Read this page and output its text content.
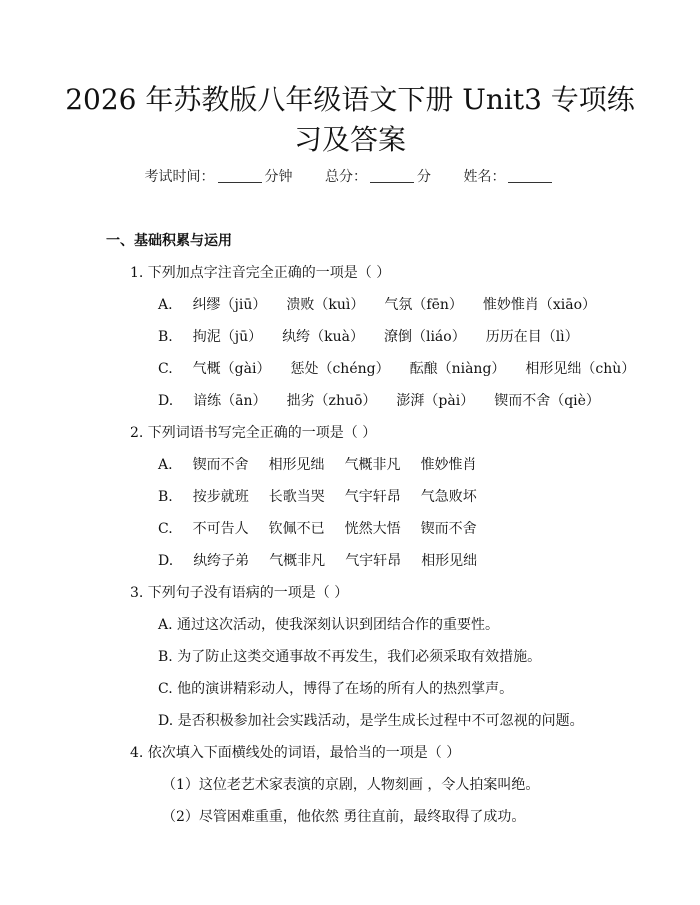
2026 年苏教版八年级语文下册 Unit3 专项练
习及答案
考试时间：	分钟 总分：	分 姓名：
一、基础积累与运用
1. 下列加点字注音完全正确的一项是（ ）
A. 纠缪（jiū） 溃败（kuì） 气氛（fēn） 惟妙惟肖（xiāo）
B. 拘泥（jū） 纨绔（kuà） 潦倒（liáo） 历历在目（lì）
C. 气概（gài） 惩处（chéng） 酝酿（niàng） 相形见绌（chù）
D. 谙练（ān） 拙劣（zhuō） 澎湃（pài） 锲而不舍（qiè）
2. 下列词语书写完全正确的一项是（ ）
A. 锲而不舍 相形见绌 气概非凡 惟妙惟肖
B. 按步就班 长歌当哭 气宇轩昂 气急败坏
C. 不可告人 钦佩不已 恍然大悟 锲而不舍
D. 纨绔子弟 气概非凡 气宇轩昂 相形见绌
3. 下列句子没有语病的一项是（ ）
A. 通过这次活动，使我深刻认识到团结合作的重要性。
B. 为了防止这类交通事故不再发生，我们必须采取有效措施。
C. 他的演讲精彩动人，博得了在场的所有人的热烈掌声。
D. 是否积极参加社会实践活动，是学生成长过程中不可忽视的问题。
4. 依次填入下面横线处的词语，最恰当的一项是（ ）
（1）这位老艺术家表演的京剧，人物刻画 ，令人拍案叫绝。
（2）尽管困难重重，他依然 勇往直前，最终取得了成功。
